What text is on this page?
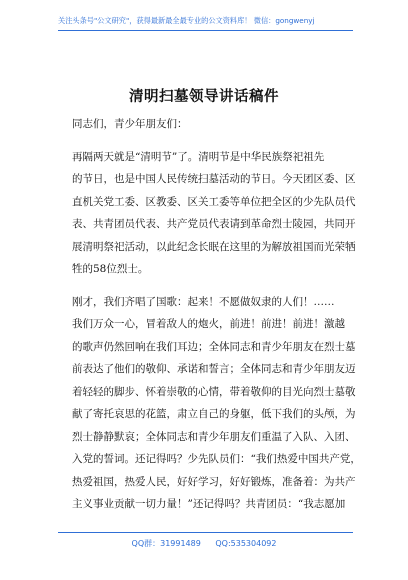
关注头条号"公文研究"，获得最新最全最专业的公文资料库！ 微信：gongwenyj
清明扫墓领导讲话稿件

同志们，青少年朋友们：

再隔两天就是“清明节”了。清明节是中华民族祭祀祖先
的节日，也是中国人民传统扫墓活动的节日。今天团区委、区
直机关党工委、区教委、区关工委等单位把全区的少先队员代
表、共青团员代表、共产党员代表请到革命烈士陵园，共同开
展清明祭祀活动，以此纪念长眠在这里的为解放祖国而光荣牺
牲的58位烈士。

刚才，我们齐唱了国歌：起来！不愿做奴隶的人们！……
我们万众一心，冒着敌人的炮火，前进！前进！前进！激越
的歌声仍然回响在我们耳边；全体同志和青少年朋友在烈士墓
前表达了他们的敬仰、承诺和誓言；全体同志和青少年朋友迈
着轻轻的脚步、怀着崇敬的心情，带着敬仰的目光向烈士墓敬
献了寄托哀思的花篮，肃立自己的身躯，低下我们的头颅，为
烈士静静默哀；全体同志和青少年朋友们重温了入队、入团、
入党的誓词。还记得吗？少先队员们：“我们热爱中国共产党，
热爱祖国，热爱人民，好好学习，好好锻炼，准备着：为共产
主义事业贡献一切力量！”还记得吗？共青团员：“我志愿加

QQ群：31991489 QQ:535304092
